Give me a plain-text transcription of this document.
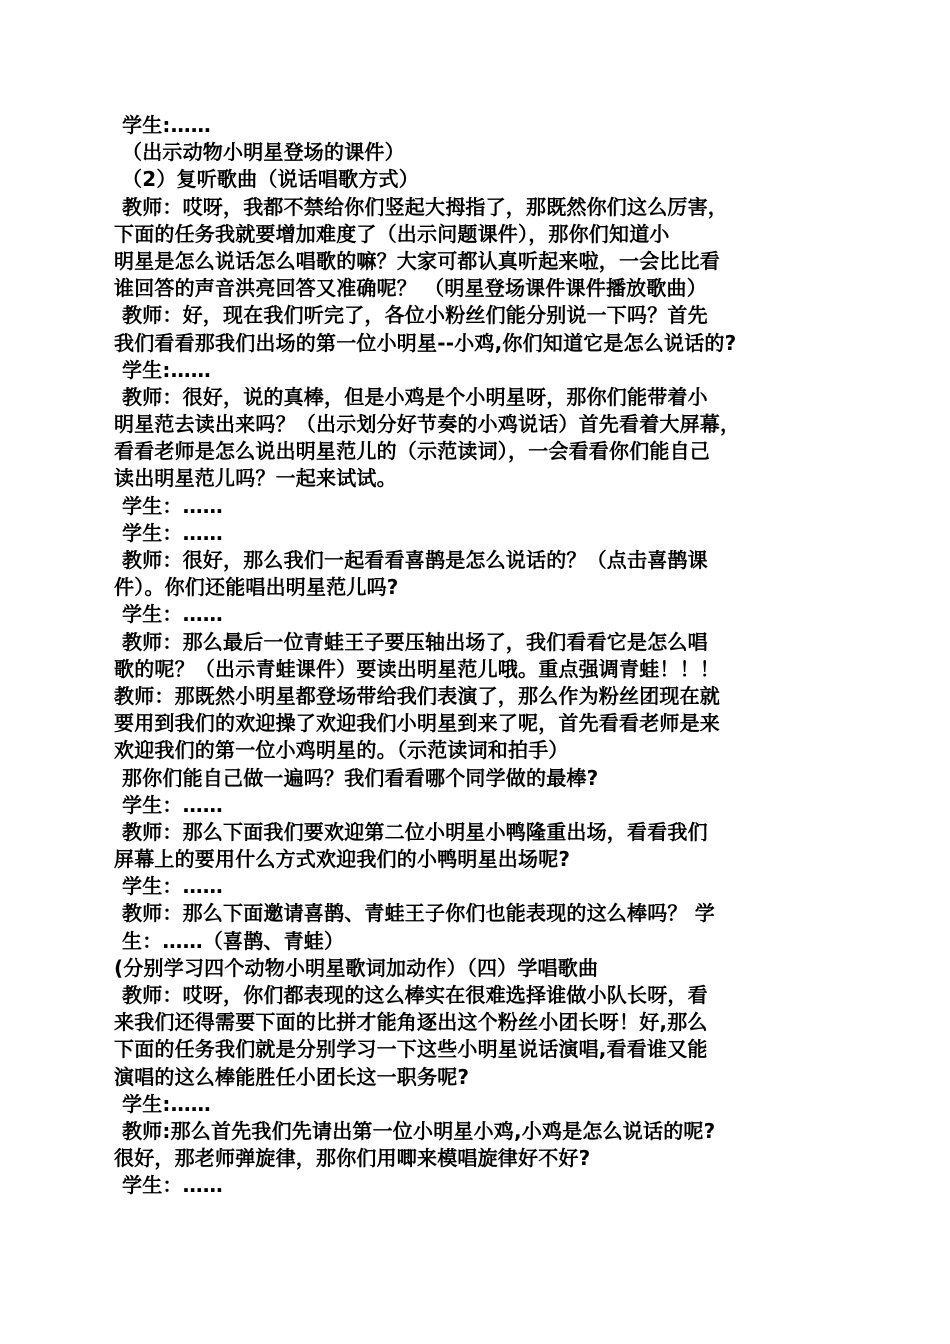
学生:……
（出示动物小明星登场的课件）
（2）复听歌曲（说话唱歌方式）
教师：哎呀，我都不禁给你们竖起大拇指了，那既然你们这么厉害，
下面的任务我就要增加难度了（出示问题课件），那你们知道小
明星是怎么说话怎么唱歌的嘛？大家可都认真听起来啦，一会比比看
谁回答的声音洪亮回答又准确呢？ （明星登场课件课件播放歌曲）
教师：好，现在我们听完了，各位小粉丝们能分别说一下吗？首先
我们看看那我们出场的第一位小明星--小鸡,你们知道它是怎么说话的?
学生:……
教师：很好，说的真棒，但是小鸡是个小明星呀，那你们能带着小
明星范去读出来吗？（出示划分好节奏的小鸡说话）首先看着大屏幕，
看看老师是怎么说出明星范儿的（示范读词），一会看看你们能自己
读出明星范儿吗？一起来试试。
学生：……
学生：……
教师：很好，那么我们一起看看喜鹊是怎么说话的？（点击喜鹊课
件）。你们还能唱出明星范儿吗?
学生：……
教师：那么最后一位青蛙王子要压轴出场了，我们看看它是怎么唱
歌的呢？（出示青蛙课件）要读出明星范儿哦。重点强调青蛙！！！
教师：那既然小明星都登场带给我们表演了，那么作为粉丝团现在就
要用到我们的欢迎操了欢迎我们小明星到来了呢，首先看看老师是来
欢迎我们的第一位小鸡明星的。（示范读词和拍手）
那你们能自己做一遍吗？我们看看哪个同学做的最棒?
学生：……
教师：那么下面我们要欢迎第二位小明星小鸭隆重出场，看看我们
屏幕上的要用什么方式欢迎我们的小鸭明星出场呢?
学生：……
教师：那么下面邀请喜鹊、青蛙王子你们也能表现的这么棒吗？ 学
生：……（喜鹊、青蛙）
(分别学习四个动物小明星歌词加动作）（四）学唱歌曲
教师：哎呀，你们都表现的这么棒实在很难选择谁做小队长呀，看
来我们还得需要下面的比拼才能角逐出这个粉丝小团长呀！好,那么
下面的任务我们就是分别学习一下这些小明星说话演唱,看看谁又能
演唱的这么棒能胜任小团长这一职务呢?
学生:……
教师:那么首先我们先请出第一位小明星小鸡,小鸡是怎么说话的呢?
很好，那老师弹旋律，那你们用唧来模唱旋律好不好?
学生：……
